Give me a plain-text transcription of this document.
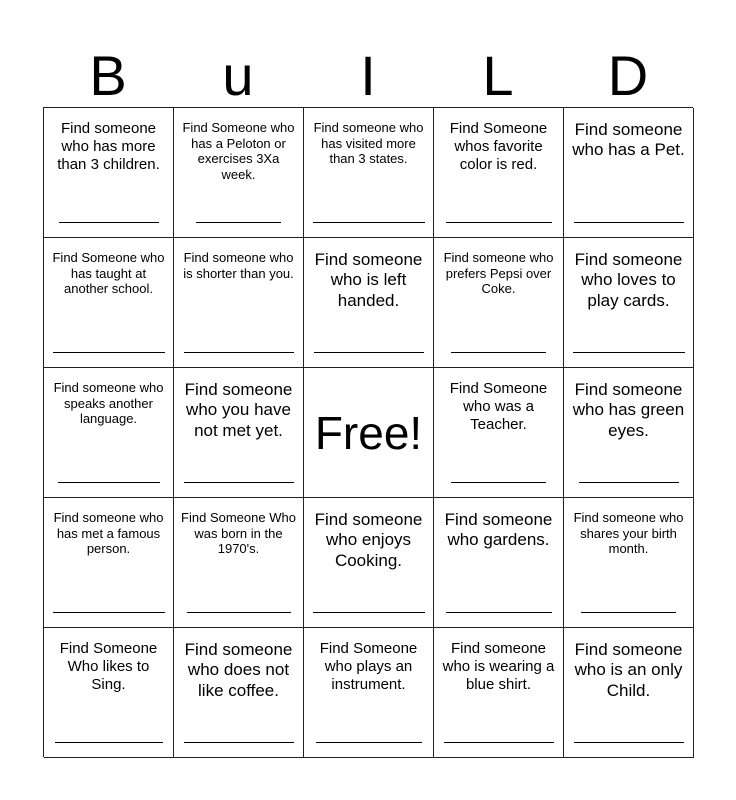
B	u	I	L	D
Find someone who has more than 3 children.
Find Someone who has a Peloton or exercises 3Xa week.
Find someone who has visited more than 3 states.
Find Someone whos favorite color is red.
Find someone who has a Pet.
Find Someone who has taught at another school.
Find someone who is shorter than you.
Find someone who is left handed.
Find someone who prefers Pepsi over Coke.
Find someone who loves to play cards.
Find someone who speaks another language.
Find someone who you have not met yet. Free!
Find Someone who was a Teacher.
Find someone who has green eyes.
Find someone who has met a famous person.
Find Someone Who was born in the 1970's.
Find someone who enjoys Cooking.
Find someone who gardens.
Find someone who shares your birth month.
Find Someone Who likes to Sing.
Find someone who does not like coffee.
Find Someone who plays an instrument.
Find someone who is wearing a blue shirt.
Find someone who is an only Child.
